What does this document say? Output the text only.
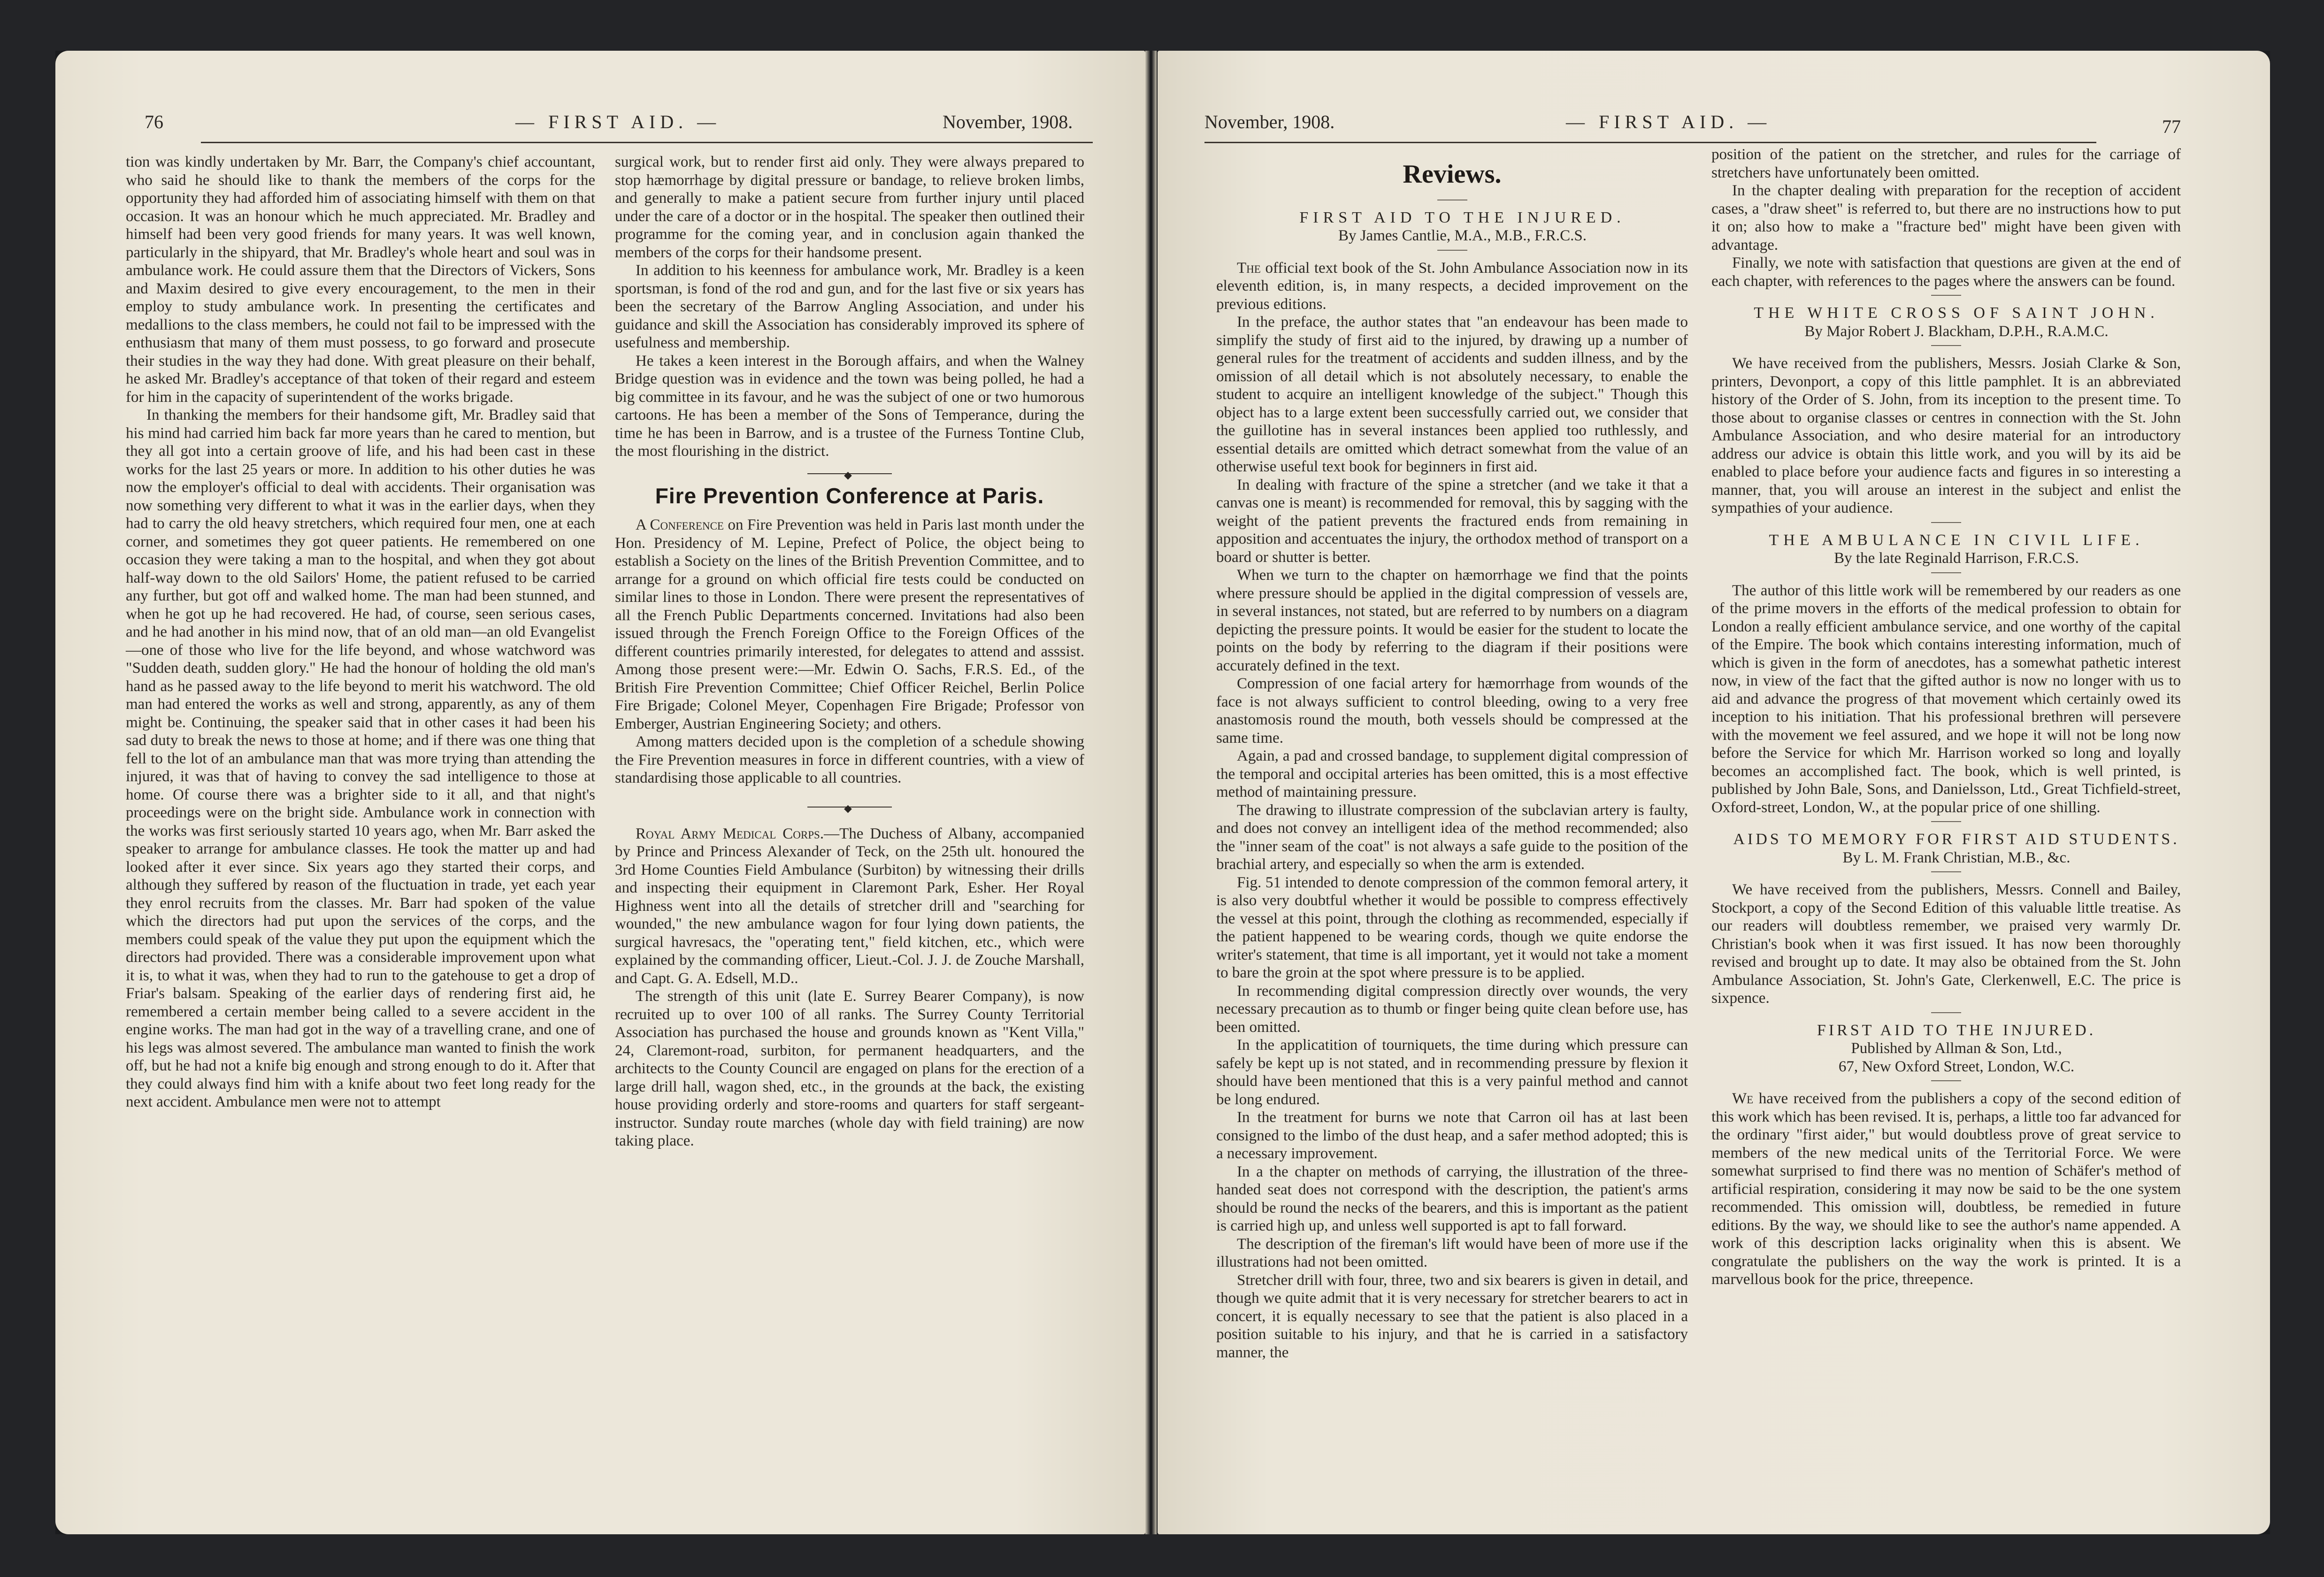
76	— FIRST AID. —	November, 1908.

tion was kindly undertaken by Mr. Barr, the Company's chief accountant, who said he should like to thank the members of the corps for the opportunity they had afforded him of associating himself with them on that occasion. It was an honour which he much appreciated. Mr. Bradley and himself had been very good friends for many years. It was well known, particularly in the shipyard, that Mr. Bradley's whole heart and soul was in ambulance work. He could assure them that the Directors of Vickers, Sons and Maxim desired to give every encouragement, to the men in their employ to study ambulance work. In presenting the certificates and medallions to the class members, he could not fail to be impressed with the enthusiasm that many of them must possess, to go forward and prosecute their studies in the way they had done. With great pleasure on their behalf, he asked Mr. Bradley's acceptance of that token of their regard and esteem for him in the capacity of superintendent of the works brigade.

In thanking the members for their handsome gift, Mr. Bradley said that his mind had carried him back far more years than he cared to mention, but they all got into a certain groove of life, and his had been cast in these works for the last 25 years or more. In addition to his other duties he was now the employer's official to deal with accidents. Their organisation was now something very different to what it was in the earlier days, when they had to carry the old heavy stretchers, which required four men, one at each corner, and sometimes they got queer patients. He remembered on one occasion they were taking a man to the hospital, and when they got about half-way down to the old Sailors' Home, the patient refused to be carried any further, but got off and walked home. The man had been stunned, and when he got up he had recovered. He had, of course, seen serious cases, and he had another in his mind now, that of an old man—an old Evangelist—one of those who live for the life beyond, and whose watchword was "Sudden death, sudden glory." He had the honour of holding the old man's hand as he passed away to the life beyond to merit his watchword. The old man had entered the works as well and strong, apparently, as any of them might be. Continuing, the speaker said that in other cases it had been his sad duty to break the news to those at home; and if there was one thing that fell to the lot of an ambulance man that was more trying than attending the injured, it was that of having to convey the sad intelligence to those at home. Of course there was a brighter side to it all, and that night's proceedings were on the bright side. Ambulance work in connection with the works was first seriously started 10 years ago, when Mr. Barr asked the speaker to arrange for ambulance classes. He took the matter up and had looked after it ever since. Six years ago they started their corps, and although they suffered by reason of the fluctuation in trade, yet each year they enrol recruits from the classes. Mr. Barr had spoken of the value which the directors had put upon the services of the corps, and the members could speak of the value they put upon the equipment which the directors had provided. There was a considerable improvement upon what it is, to what it was, when they had to run to the gatehouse to get a drop of Friar's balsam. Speaking of the earlier days of rendering first aid, he remembered a certain member being called to a severe accident in the engine works. The man had got in the way of a travelling crane, and one of his legs was almost severed. The ambulance man wanted to finish the work off, but he had not a knife big enough and strong enough to do it. After that they could always find him with a knife about two feet long ready for the next accident. Ambulance men were not to attempt

surgical work, but to render first aid only. They were always prepared to stop hæmorrhage by digital pressure or bandage, to relieve broken limbs, and generally to make a patient secure from further injury until placed under the care of a doctor or in the hospital. The speaker then outlined their programme for the coming year, and in conclusion again thanked the members of the corps for their handsome present.

In addition to his keenness for ambulance work, Mr. Bradley is a keen sportsman, is fond of the rod and gun, and for the last five or six years has been the secretary of the Barrow Angling Association, and under his guidance and skill the Association has considerably improved its sphere of usefulness and membership.

He takes a keen interest in the Borough affairs, and when the Walney Bridge question was in evidence and the town was being polled, he had a big committee in its favour, and he was the subject of one or two humorous cartoons. He has been a member of the Sons of Temperance, during the time he has been in Barrow, and is a trustee of the Furness Tontine Club, the most flourishing in the district.

◆
Fire Prevention Conference at Paris.

A Conference on Fire Prevention was held in Paris last month under the Hon. Presidency of M. Lepine, Prefect of Police, the object being to establish a Society on the lines of the British Prevention Committee, and to arrange for a ground on which official fire tests could be conducted on similar lines to those in London. There were present the representatives of all the French Public Departments concerned. Invitations had also been issued through the French Foreign Office to the Foreign Offices of the different countries primarily interested, for delegates to attend and asssist. Among those present were:—Mr. Edwin O. Sachs, F.R.S. Ed., of the British Fire Prevention Committee; Chief Officer Reichel, Berlin Police Fire Brigade; Colonel Meyer, Copenhagen Fire Brigade; Professor von Emberger, Austrian Engineering Society; and others.

Among matters decided upon is the completion of a schedule showing the Fire Prevention measures in force in different countries, with a view of standardising those applicable to all countries.

◆

Royal Army Medical Corps.—The Duchess of Albany, accompanied by Prince and Princess Alexander of Teck, on the 25th ult. honoured the 3rd Home Counties Field Ambulance (Surbiton) by witnessing their drills and inspecting their equipment in Claremont Park, Esher. Her Royal Highness went into all the details of stretcher drill and "searching for wounded," the new ambulance wagon for four lying down patients, the surgical havresacs, the "operating tent," field kitchen, etc., which were explained by the commanding officer, Lieut.-Col. J. J. de Zouche Marshall, and Capt. G. A. Edsell, M.D..

The strength of this unit (late E. Surrey Bearer Company), is now recruited up to over 100 of all ranks. The Surrey County Territorial Association has purchased the house and grounds known as "Kent Villa," 24, Claremont-road, surbiton, for permanent headquarters, and the architects to the County Council are engaged on plans for the erection of a large drill hall, wagon shed, etc., in the grounds at the back, the existing house providing orderly and store-rooms and quarters for staff sergeant-instructor. Sunday route marches (whole day with field training) are now taking place.

November, 1908.	— FIRST AID. —	77
Reviews.

FIRST AID TO THE INJURED.

By James Cantlie, M.A., M.B., F.R.C.S.

The official text book of the St. John Ambulance Association now in its eleventh edition, is, in many respects, a decided improvement on the previous editions.

In the preface, the author states that "an endeavour has been made to simplify the study of first aid to the injured, by drawing up a number of general rules for the treatment of accidents and sudden illness, and by the omission of all detail which is not absolutely necessary, to enable the student to acquire an intelligent knowledge of the subject." Though this object has to a large extent been successfully carried out, we consider that the guillotine has in several instances been applied too ruthlessly, and essential details are omitted which detract somewhat from the value of an otherwise useful text book for beginners in first aid.

In dealing with fracture of the spine a stretcher (and we take it that a canvas one is meant) is recommended for removal, this by sagging with the weight of the patient prevents the fractured ends from remaining in apposition and accentuates the injury, the orthodox method of transport on a board or shutter is better.

When we turn to the chapter on hæmorrhage we find that the points where pressure should be applied in the digital compression of vessels are, in several instances, not stated, but are referred to by numbers on a diagram depicting the pressure points. It would be easier for the student to locate the points on the body by referring to the diagram if their positions were accurately defined in the text.

Compression of one facial artery for hæmorrhage from wounds of the face is not always sufficient to control bleeding, owing to a very free anastomosis round the mouth, both vessels should be compressed at the same time.

Again, a pad and crossed bandage, to supplement digital compression of the temporal and occipital arteries has been omitted, this is a most effective method of maintaining pressure.

The drawing to illustrate compression of the subclavian artery is faulty, and does not convey an intelligent idea of the method recommended; also the "inner seam of the coat" is not always a safe guide to the position of the brachial artery, and especially so when the arm is extended.

Fig. 51 intended to denote compression of the common femoral artery, it is also very doubtful whether it would be possible to compress effectively the vessel at this point, through the clothing as recommended, especially if the patient happened to be wearing cords, though we quite endorse the writer's statement, that time is all important, yet it would not take a moment to bare the groin at the spot where pressure is to be applied.

In recommending digital compression directly over wounds, the very necessary precaution as to thumb or finger being quite clean before use, has been omitted.

In the applicatition of tourniquets, the time during which pressure can safely be kept up is not stated, and in recommending pressure by flexion it should have been mentioned that this is a very painful method and cannot be long endured.

In the treatment for burns we note that Carron oil has at last been consigned to the limbo of the dust heap, and a safer method adopted; this is a necessary improvement.

In a the chapter on methods of carrying, the illustration of the three-handed seat does not correspond with the description, the patient's arms should be round the necks of the bearers, and this is important as the patient is carried high up, and unless well supported is apt to fall forward.

The description of the fireman's lift would have been of more use if the illustrations had not been omitted.

Stretcher drill with four, three, two and six bearers is given in detail, and though we quite admit that it is very necessary for stretcher bearers to act in concert, it is equally necessary to see that the patient is also placed in a position suitable to his injury, and that he is carried in a satisfactory manner, the

position of the patient on the stretcher, and rules for the carriage of stretchers have unfortunately been omitted.

In the chapter dealing with preparation for the reception of accident cases, a "draw sheet" is referred to, but there are no instructions how to put it on; also how to make a "fracture bed" might have been given with advantage.

Finally, we note with satisfaction that questions are given at the end of each chapter, with references to the pages where the answers can be found.

THE WHITE CROSS OF SAINT JOHN.

By Major Robert J. Blackham, D.P.H., R.A.M.C.

We have received from the publishers, Messrs. Josiah Clarke & Son, printers, Devonport, a copy of this little pamphlet. It is an abbreviated history of the Order of S. John, from its inception to the present time. To those about to organise classes or centres in connection with the St. John Ambulance Association, and who desire material for an introductory address our advice is obtain this little work, and you will by its aid be enabled to place before your audience facts and figures in so interesting a manner, that, you will arouse an interest in the subject and enlist the sympathies of your audience.

THE AMBULANCE IN CIVIL LIFE.

By the late Reginald Harrison, F.R.C.S.

The author of this little work will be remembered by our readers as one of the prime movers in the efforts of the medical profession to obtain for London a really efficient ambulance service, and one worthy of the capital of the Empire. The book which contains interesting information, much of which is given in the form of anecdotes, has a somewhat pathetic interest now, in view of the fact that the gifted author is now no longer with us to aid and advance the progress of that movement which certainly owed its inception to his initiation. That his professional brethren will persevere with the movement we feel assured, and we hope it will not be long now before the Service for which Mr. Harrison worked so long and loyally becomes an accomplished fact. The book, which is well printed, is published by John Bale, Sons, and Danielsson, Ltd., Great Tichfield-street, Oxford-street, London, W., at the popular price of one shilling.

AIDS TO MEMORY FOR FIRST AID STUDENTS.

By L. M. Frank Christian, M.B., &c.

We have received from the publishers, Messrs. Connell and Bailey, Stockport, a copy of the Second Edition of this valuable little treatise. As our readers will doubtless remember, we praised very warmly Dr. Christian's book when it was first issued. It has now been thoroughly revised and brought up to date. It may also be obtained from the St. John Ambulance Association, St. John's Gate, Clerkenwell, E.C. The price is sixpence.

FIRST AID TO THE INJURED.

Published by Allman & Son, Ltd.,

67, New Oxford Street, London, W.C.

We have received from the publishers a copy of the second edition of this work which has been revised. It is, perhaps, a little too far advanced for the ordinary "first aider," but would doubtless prove of great service to members of the new medical units of the Territorial Force. We were somewhat surprised to find there was no mention of Schäfer's method of artificial respiration, considering it may now be said to be the one system recommended. This omission will, doubtless, be remedied in future editions. By the way, we should like to see the author's name appended. A work of this description lacks originality when this is absent. We congratulate the publishers on the way the work is printed. It is a marvellous book for the price, threepence.
